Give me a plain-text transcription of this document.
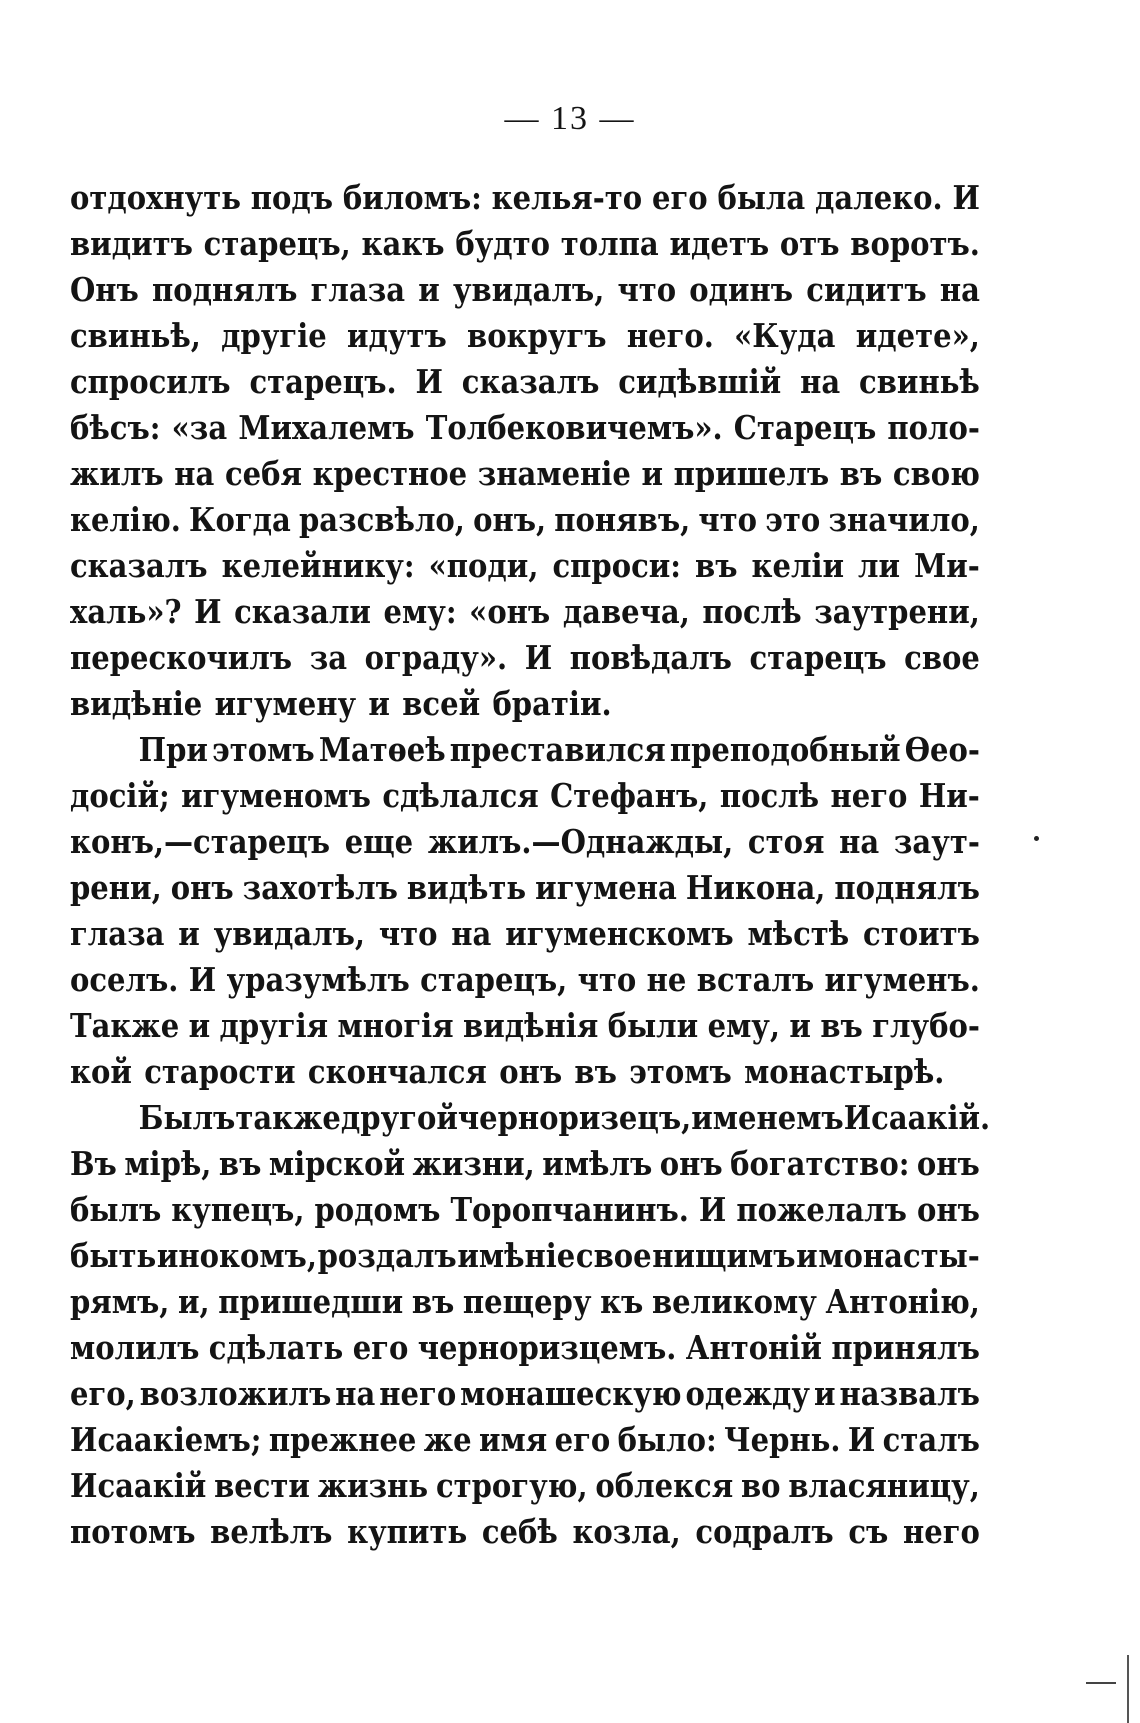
— 13 —
отдохнуть подъ биломъ: келья-то его была далеко. И
видитъ старецъ, какъ будто толпа идетъ отъ воротъ.
Онъ поднялъ глаза и увидалъ, что одинъ сидитъ на
свиньѣ, другіе идутъ вокругъ него. «Куда идете»,
спросилъ старецъ. И сказалъ сидѣвшій на свиньѣ
бѣсъ: «за Михалемъ Толбековичемъ». Старецъ поло-
жилъ на себя крестное знаменіе и пришелъ въ свою
келію. Когда разсвѣло, онъ, понявъ, что это значило,
сказалъ келейнику: «поди, спроси: въ келіи ли Ми-
халь»? И сказали ему: «онъ давеча, послѣ заутрени,
перескочилъ за ограду». И повѣдалъ старецъ свое
видѣніе игумену и всей братіи.
При этомъ Матѳеѣ преставился преподобный Ѳео-
досій; игуменомъ сдѣлался Стефанъ, послѣ него Ни-
конъ,—старецъ еще жилъ.—Однажды, стоя на заут-
рени, онъ захотѣлъ видѣть игумена Никона, поднялъ
глаза и увидалъ, что на игуменскомъ мѣстѣ стоитъ
оселъ. И уразумѣлъ старецъ, что не всталъ игуменъ.
Также и другія многія видѣнія были ему, и въ глубо-
кой старости скончался онъ въ этомъ монастырѣ.
Былъ также другой черноризецъ, именемъ Исаакій.
Въ мірѣ, въ мірской жизни, имѣлъ онъ богатство: онъ
былъ купецъ, родомъ Торопчанинъ. И пожелалъ онъ
быть инокомъ, роздалъ имѣніе свое нищимъ и монасты-
рямъ, и, пришедши въ пещеру къ великому Антонію,
молилъ сдѣлать его черноризцемъ. Антоній принялъ
его, возложилъ на него монашескую одежду и назвалъ
Исаакіемъ; прежнее же имя его было: Чернь. И сталъ
Исаакій вести жизнь строгую, облекся во власяницу,
потомъ велѣлъ купить себѣ козла, содралъ съ него
